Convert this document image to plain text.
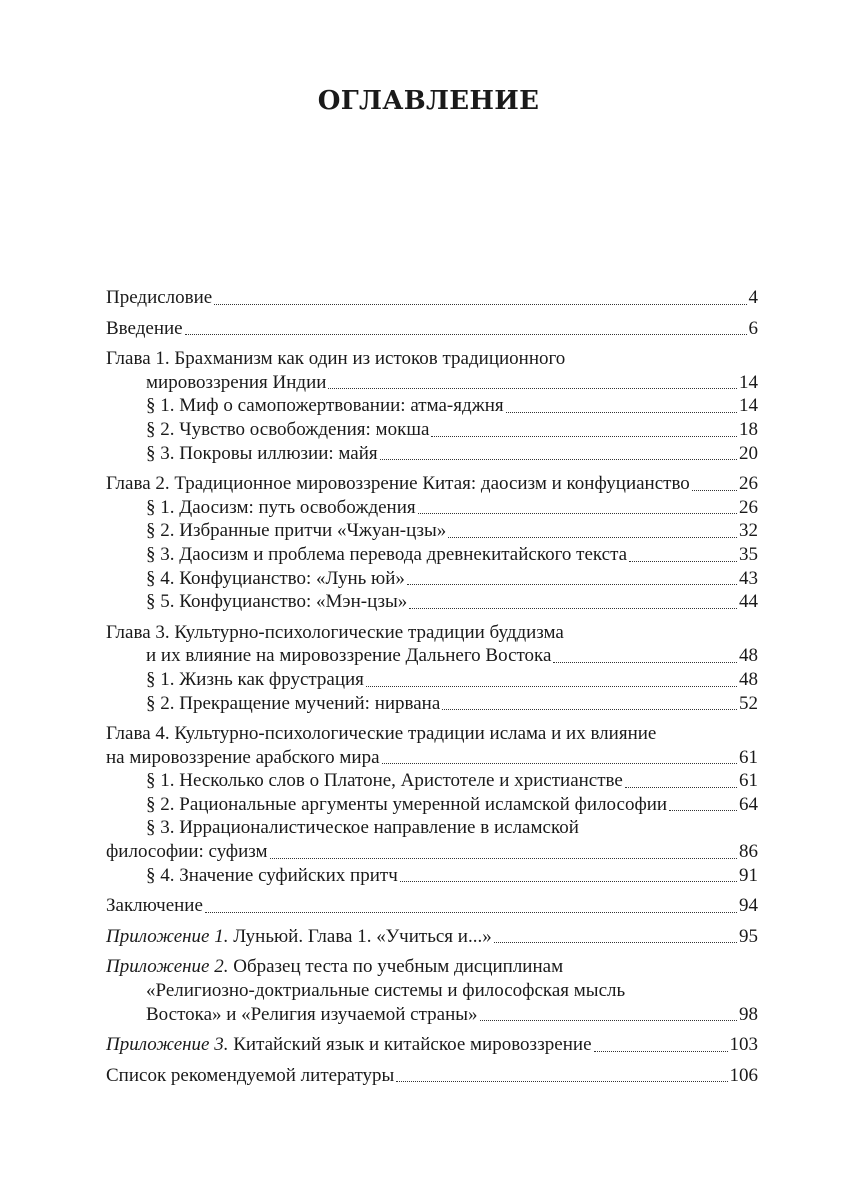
ОГЛАВЛЕНИЕ
Предисловие	4
Введение	6
Глава 1. Брахманизм как один из истоков традиционного
мировоззрения Индии	14
§ 1. Миф о самопожертвовании: атма-яджня	14
§ 2. Чувство освобождения: мокша	18
§ 3. Покровы иллюзии: майя	20
Глава 2. Традиционное мировоззрение Китая: даосизм и конфуцианство	26
§ 1. Даосизм: путь освобождения	26
§ 2. Избранные притчи «Чжуан-цзы»	32
§ 3. Даосизм и проблема перевода древнекитайского текста	35
§ 4. Конфуцианство: «Лунь юй»	43
§ 5. Конфуцианство: «Мэн-цзы»	44
Глава 3. Культурно-психологические традиции буддизма
и их влияние на мировоззрение Дальнего Востока	48
§ 1. Жизнь как фрустрация	48
§ 2. Прекращение мучений: нирвана	52
Глава 4. Культурно-психологические традиции ислама и их влияние
на мировоззрение арабского мира	61
§ 1. Несколько слов о Платоне, Аристотеле и христианстве	61
§ 2. Рациональные аргументы умеренной исламской философии	64
§ 3. Иррационалистическое направление в исламской
философии: суфизм	86
§ 4. Значение суфийских притч	91
Заключение	94
Приложение 1. Луньюй. Глава 1. «Учиться и...»	95
Приложение 2. Образец теста по учебным дисциплинам
«Религиозно-доктриальные системы и философская мысль
Востока» и «Религия изучаемой страны»	98
Приложение 3. Китайский язык и китайское мировоззрение	103
Список рекомендуемой литературы	106
